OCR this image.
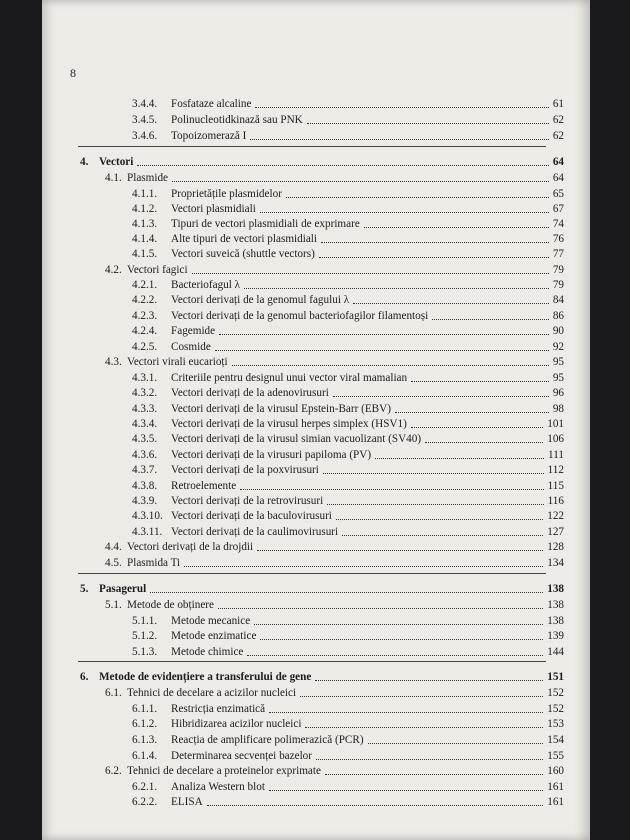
8
3.4.4.	Fosfataze alcaline	61
3.4.5.	Polinucleotidkinază sau PNK	62
3.4.6.	Topoizomerază I	62
4. Vectori	64
4.1. Plasmide	64
4.1.1.	Proprietățile plasmidelor	65
4.1.2.	Vectori plasmidiali	67
4.1.3.	Tipuri de vectori plasmidiali de exprimare	74
4.1.4.	Alte tipuri de vectori plasmidiali	76
4.1.5.	Vectori suveică (shuttle vectors)	77
4.2. Vectori fagici	79
4.2.1.	Bacteriofagul λ	79
4.2.2.	Vectori derivați de la genomul fagului λ	84
4.2.3.	Vectori derivați de la genomul bacteriofagilor filamentoși	86
4.2.4.	Fagemide	90
4.2.5.	Cosmide	92
4.3. Vectori virali eucarioți	95
4.3.1.	Criteriile pentru designul unui vector viral mamalian	95
4.3.2.	Vectori derivați de la adenovirusuri	96
4.3.3.	Vectori derivați de la virusul Epstein-Barr (EBV)	98
4.3.4.	Vectori derivați de la virusul herpes simplex (HSV1)	101
4.3.5.	Vectori derivați de la virusul simian vacuolizant (SV40)	106
4.3.6.	Vectori derivați de la virusuri papiloma (PV)	111
4.3.7.	Vectori derivați de la poxvirusuri	112
4.3.8.	Retroelemente	115
4.3.9.	Vectori derivați de la retrovirusuri	116
4.3.10. Vectori derivați de la baculovirusuri	122
4.3.11. Vectori derivați de la caulimovirusuri	127
4.4. Vectori derivați de la drojdii	128
4.5. Plasmida Ti	134
5. Pasagerul	138
5.1. Metode de obținere	138
5.1.1.	Metode mecanice	138
5.1.2.	Metode enzimatice	139
5.1.3.	Metode chimice	144
6. Metode de evidențiere a transferului de gene	151
6.1. Tehnici de decelare a acizilor nucleici	152
6.1.1.	Restricția enzimatică	152
6.1.2.	Hibridizarea acizilor nucleici	153
6.1.3.	Reacția de amplificare polimerazică (PCR)	154
6.1.4.	Determinarea secvenței bazelor	155
6.2. Tehnici de decelare a proteinelor exprimate	160
6.2.1.	Analiza Western blot	161
6.2.2.	ELISA	161
